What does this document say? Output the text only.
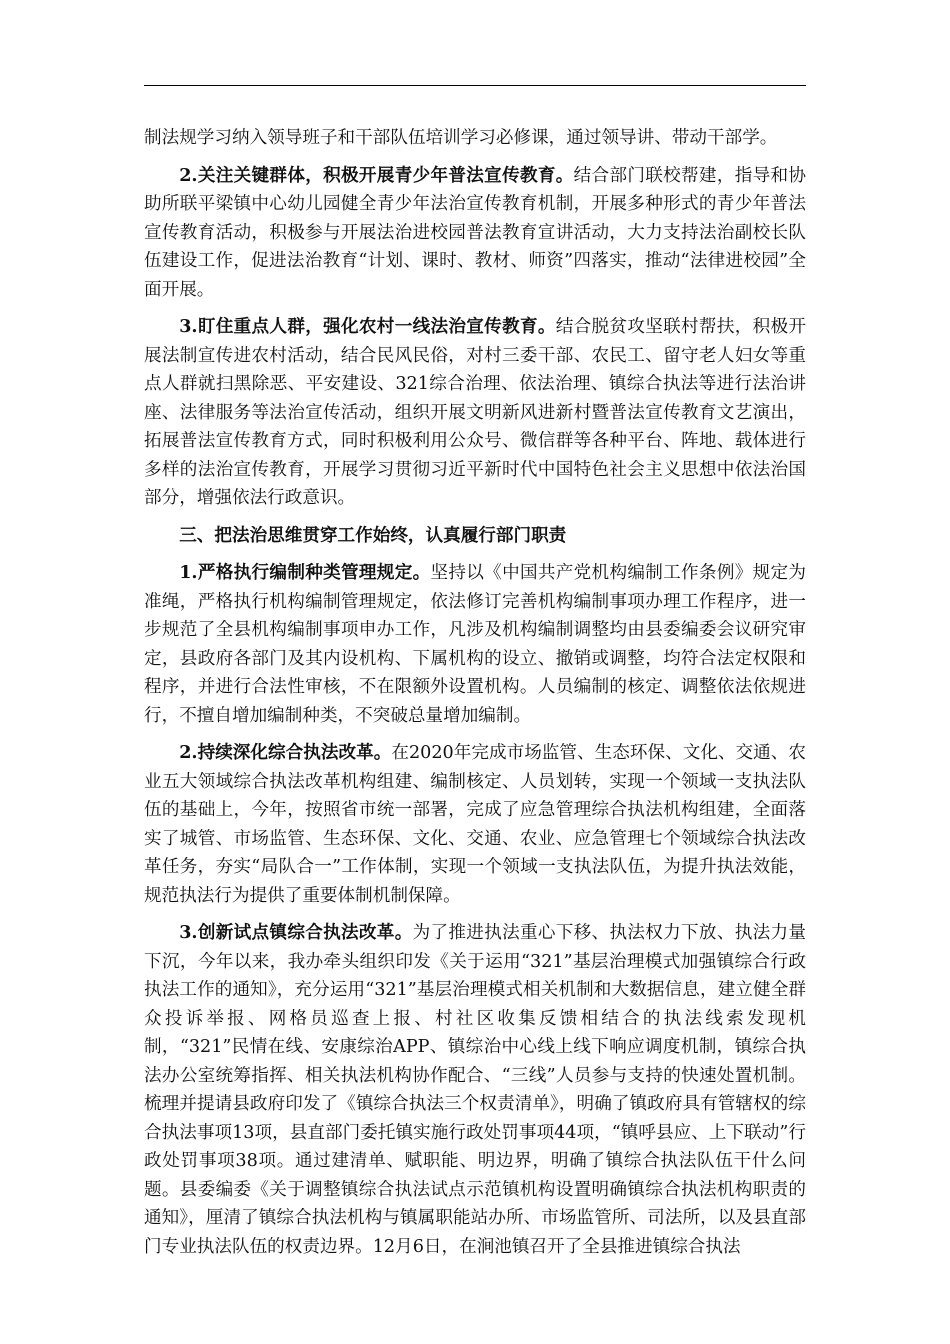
制法规学习纳入领导班子和干部队伍培训学习必修课，通过领导讲、带动干部学。

2.关注关键群体，积极开展青少年普法宣传教育。结合部门联校帮建，指导和协助所联平梁镇中心幼儿园健全青少年法治宣传教育机制，开展多种形式的青少年普法宣传教育活动，积极参与开展法治进校园普法教育宣讲活动，大力支持法治副校长队伍建设工作，促进法治教育“计划、课时、教材、师资”四落实，推动“法律进校园”全面开展。

3.盯住重点人群，强化农村一线法治宣传教育。结合脱贫攻坚联村帮扶，积极开展法制宣传进农村活动，结合民风民俗，对村三委干部、农民工、留守老人妇女等重点人群就扫黑除恶、平安建设、321综合治理、依法治理、镇综合执法等进行法治讲座、法律服务等法治宣传活动，组织开展文明新风进新村暨普法宣传教育文艺演出，拓展普法宣传教育方式，同时积极利用公众号、微信群等各种平台、阵地、载体进行多样的法治宣传教育，开展学习贯彻习近平新时代中国特色社会主义思想中依法治国部分，增强依法行政意识。

三、把法治思维贯穿工作始终，认真履行部门职责

1.严格执行编制种类管理规定。坚持以《中国共产党机构编制工作条例》规定为准绳，严格执行机构编制管理规定，依法修订完善机构编制事项办理工作程序，进一步规范了全县机构编制事项申办工作，凡涉及机构编制调整均由县委编委会议研究审定，县政府各部门及其内设机构、下属机构的设立、撤销或调整，均符合法定权限和程序，并进行合法性审核，不在限额外设置机构。人员编制的核定、调整依法依规进行，不擅自增加编制种类，不突破总量增加编制。

2.持续深化综合执法改革。在2020年完成市场监管、生态环保、文化、交通、农业五大领域综合执法改革机构组建、编制核定、人员划转，实现一个领域一支执法队伍的基础上，今年，按照省市统一部署，完成了应急管理综合执法机构组建，全面落实了城管、市场监管、生态环保、文化、交通、农业、应急管理七个领域综合执法改革任务，夯实“局队合一”工作体制，实现一个领域一支执法队伍，为提升执法效能，规范执法行为提供了重要体制机制保障。

3.创新试点镇综合执法改革。为了推进执法重心下移、执法权力下放、执法力量下沉，今年以来，我办牵头组织印发《关于运用“321”基层治理模式加强镇综合行政执法工作的通知》，充分运用“321”基层治理模式相关机制和大数据信息，建立健全群众投诉举报、网格员巡查上报、村社区收集反馈相结合的执法线索发现机制，“321”民情在线、安康综治APP、镇综治中心线上线下响应调度机制，镇综合执法办公室统筹指挥、相关执法机构协作配合、“三线”人员参与支持的快速处置机制。梳理并提请县政府印发了《镇综合执法三个权责清单》，明确了镇政府具有管辖权的综合执法事项13项，县直部门委托镇实施行政处罚事项44项，“镇呼县应、上下联动”行政处罚事项38项。通过建清单、赋职能、明边界，明确了镇综合执法队伍干什么问题。县委编委《关于调整镇综合执法试点示范镇机构设置明确镇综合执法机构职责的通知》，厘清了镇综合执法机构与镇属职能站办所、市场监管所、司法所，以及县直部门专业执法队伍的权责边界。12月6日，在涧池镇召开了全县推进镇综合执法
